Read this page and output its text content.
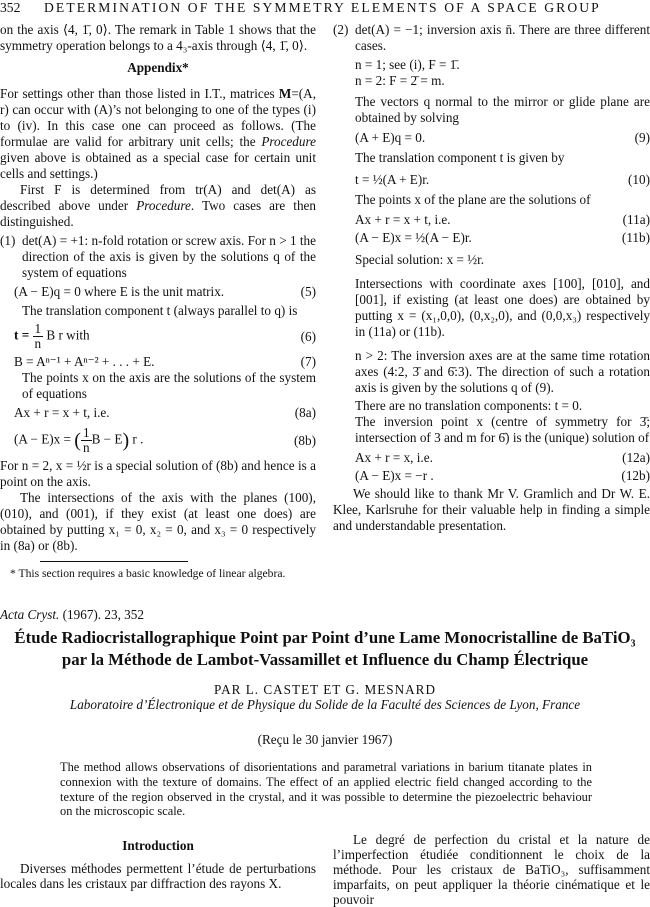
352 DETERMINATION OF THE SYMMETRY ELEMENTS OF A SPACE GROUP

on the axis ⟨4, 1̄, 0⟩. The remark in Table 1 shows that the symmetry operation belongs to a 4₃-axis through ⟨4, 1̄, 0⟩.

Appendix*

For settings other than those listed in I.T., matrices M=(A, r) can occur with (A)’s not belonging to one of the types (i) to (iv). In this case one can proceed as follows. (The formulae are valid for arbitrary unit cells; the Procedure given above is obtained as a special case for certain unit cells and settings.)

First F is determined from tr(A) and det(A) as described above under Procedure. Two cases are then distinguished.

(1) det(A) = +1: n-fold rotation or screw axis. For n > 1 the direction of the axis is given by the solutions q of the system of equations
(A − E)q = 0 where E is the unit matrix.	(5)

The translation component t (always parallel to q) is

$t = \frac{1}{n}$ B r with	(6)
B = Aⁿ⁻¹ + Aⁿ⁻² + . . . + E.	(7)

The points x on the axis are the solutions of the system of equations

Ax + r = x + t, i.e.	(8a)
(A − E)x = ( $\frac{1}{n}$ B − E) r .	(8b)

For n = 2, x = ½r is a special solution of (8b) and hence is a point on the axis.

The intersections of the axis with the planes (100), (010), and (001), if they exist (at least one does) are obtained by putting x₁ = 0, x₂ = 0, and x₃ = 0 respectively in (8a) or (8b).

* This section requires a basic knowledge of linear algebra.

(2) det(A) = −1; inversion axis n̄. There are three different cases.

n = 1; see (i), F = 1̄.

n = 2: F = 2̄ = m.

The vectors q normal to the mirror or glide plane are obtained by solving

(A + E)q = 0.	(9)

The translation component t is given by

t = ½(A + E)r.	(10)

The points x of the plane are the solutions of

Ax + r = x + t, i.e.	(11a)
(A − E)x = ½(A − E)r.	(11b)

Special solution: x = ½r.

Intersections with coordinate axes [100], [010], and [001], if existing (at least one does) are obtained by putting x = (x₁,0,0), (0,x₂,0), and (0,0,x₃) respectively in (11a) or (11b).

n > 2: The inversion axes are at the same time rotation axes (4:2, 3̄ and 6̄:3). The direction of such a rotation axis is given by the solutions q of (9).

There are no translation components: t = 0.

The inversion point x (centre of symmetry for 3̄; intersection of 3 and m for 6̄) is the (unique) solution of

Ax + r = x, i.e.	(12a)
(A − E)x = −r .	(12b)

We should like to thank Mr V. Gramlich and Dr W. E. Klee, Karlsruhe for their valuable help in finding a simple and understandable presentation.

Acta Cryst. (1967). 23, 352
Étude Radiocristallographique Point par Point d’une Lame Monocristalline de BaTiO₃
par la Méthode de Lambot-Vassamillet et Influence du Champ Électrique
PAR L. CASTET ET G. MESNARD
Laboratoire d’Électronique et de Physique du Solide de la Faculté des Sciences de Lyon, France
(Reçu le 30 janvier 1967)
The method allows observations of disorientations and parametral variations in barium titanate plates in connexion with the texture of domains. The effect of an applied electric field changed according to the texture of the region observed in the crystal, and it was possible to determine the piezoelectric behaviour on the microscopic scale.

Introduction

Diverses méthodes permettent l’étude de perturbations locales dans les cristaux par diffraction des rayons X.

Le degré de perfection du cristal et la nature de l’imperfection étudiée conditionnent le choix de la méthode. Pour les cristaux de BaTiO₃, suffisamment imparfaits, on peut appliquer la théorie cinématique et le pouvoir
